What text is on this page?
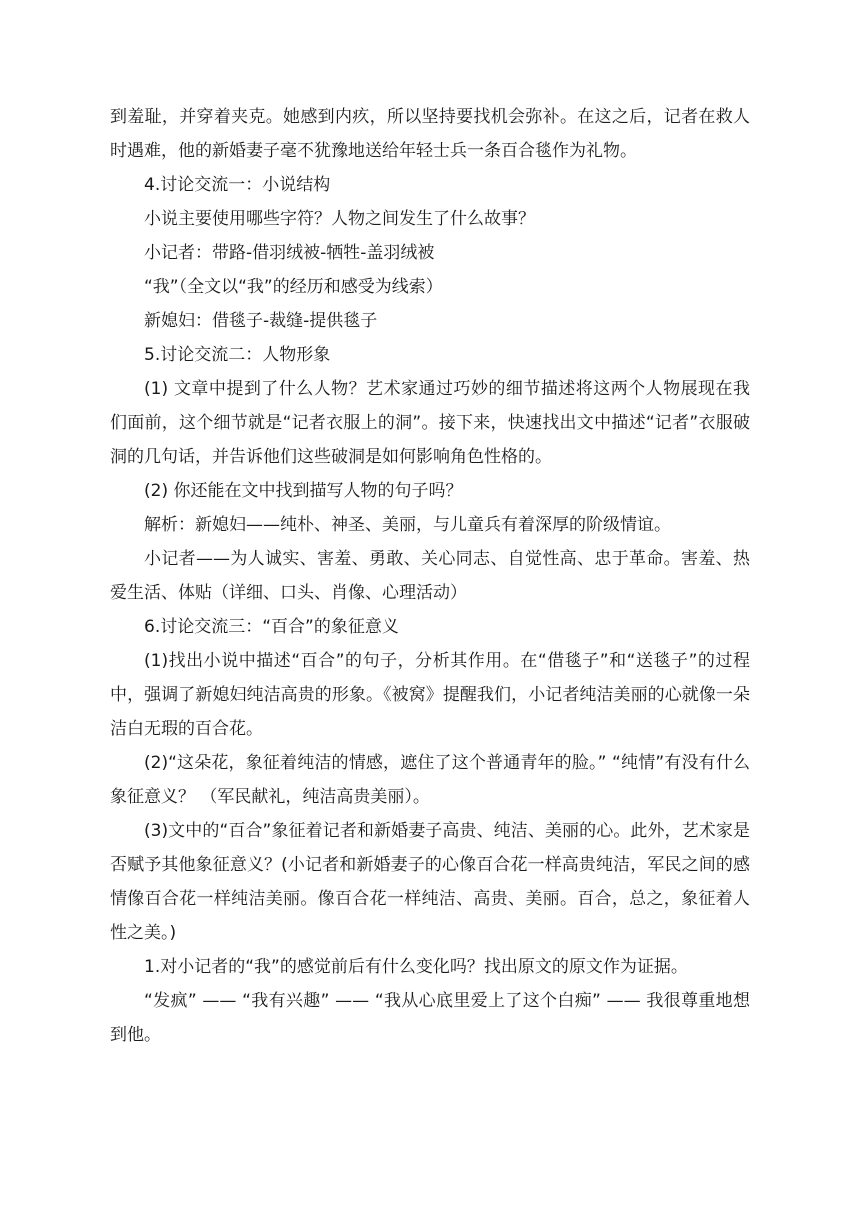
到羞耻，并穿着夹克。她感到内疚，所以坚持要找机会弥补。在这之后，记者在救人时遇难，他的新婚妻子毫不犹豫地送给年轻士兵一条百合毯作为礼物。

4.讨论交流一：小说结构

小说主要使用哪些字符？人物之间发生了什么故事？

小记者：带路-借羽绒被-牺牲-盖羽绒被

“我”（全文以“我”的经历和感受为线索）

新媳妇：借毯子-裁缝-提供毯子

5.讨论交流二：人物形象

(1) 文章中提到了什么人物？艺术家通过巧妙的细节描述将这两个人物展现在我们面前，这个细节就是“记者衣服上的洞”。接下来，快速找出文中描述“记者”衣服破洞的几句话，并告诉他们这些破洞是如何影响角色性格的。

(2) 你还能在文中找到描写人物的句子吗？

解析：新媳妇——纯朴、神圣、美丽，与儿童兵有着深厚的阶级情谊。

小记者——为人诚实、害羞、勇敢、关心同志、自觉性高、忠于革命。害羞、热爱生活、体贴（详细、口头、肖像、心理活动）

6.讨论交流三：“百合”的象征意义

(1)找出小说中描述“百合”的句子，分析其作用。在“借毯子”和“送毯子”的过程中，强调了新媳妇纯洁高贵的形象。《被窝》提醒我们，小记者纯洁美丽的心就像一朵洁白无瑕的百合花。

(2)“这朵花，象征着纯洁的情感，遮住了这个普通青年的脸。” “纯情”有没有什么象征意义？ （军民献礼，纯洁高贵美丽）。

(3)文中的“百合”象征着记者和新婚妻子高贵、纯洁、美丽的心。此外，艺术家是否赋予其他象征意义？(小记者和新婚妻子的心像百合花一样高贵纯洁，军民之间的感情像百合花一样纯洁美丽。像百合花一样纯洁、高贵、美丽。百合，总之，象征着人性之美。)

1.对小记者的“我”的感觉前后有什么变化吗？找出原文的原文作为证据。

“发疯” —— “我有兴趣” —— “我从心底里爱上了这个白痴” —— 我很尊重地想到他。
